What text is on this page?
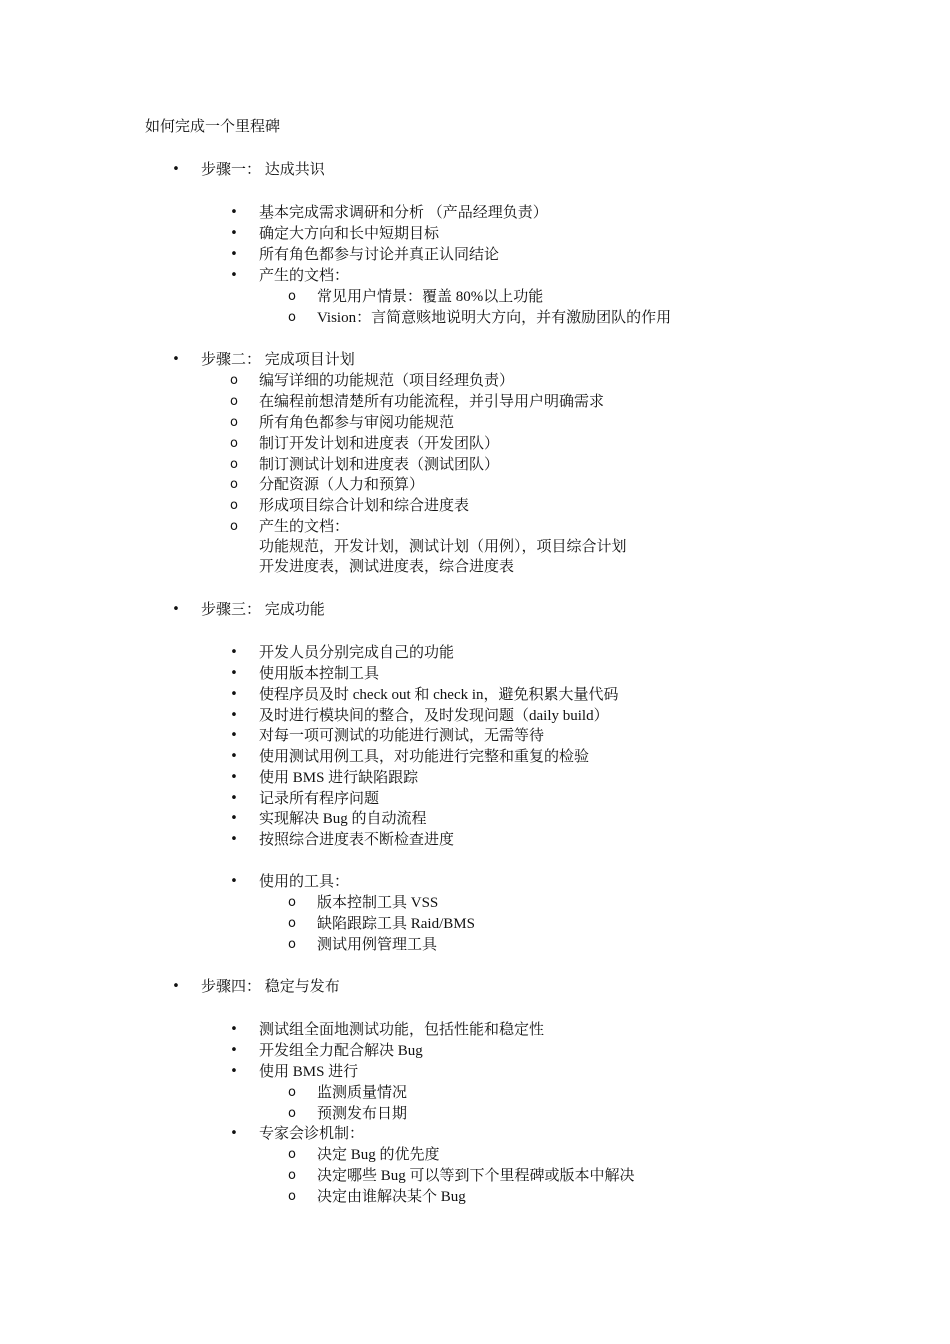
如何完成一个里程碑
• 步骤一： 达成共识
• 基本完成需求调研和分析 （产品经理负责）
• 确定大方向和长中短期目标
• 所有角色都参与讨论并真正认同结论
• 产生的文档：
o 常见用户情景：覆盖 80%以上功能
o Vision：言简意赅地说明大方向，并有激励团队的作用
• 步骤二： 完成项目计划
o 编写详细的功能规范（项目经理负责）
o 在编程前想清楚所有功能流程，并引导用户明确需求
o 所有角色都参与审阅功能规范
o 制订开发计划和进度表（开发团队）
o 制订测试计划和进度表（测试团队）
o 分配资源（人力和预算）
o 形成项目综合计划和综合进度表
o 产生的文档：
功能规范，开发计划，测试计划（用例），项目综合计划
开发进度表，测试进度表，综合进度表
• 步骤三： 完成功能
• 开发人员分别完成自己的功能
• 使用版本控制工具
• 使程序员及时 check out 和 check in，避免积累大量代码
• 及时进行模块间的整合，及时发现问题（daily build）
• 对每一项可测试的功能进行测试，无需等待
• 使用测试用例工具，对功能进行完整和重复的检验
• 使用 BMS 进行缺陷跟踪
• 记录所有程序问题
• 实现解决 Bug 的自动流程
• 按照综合进度表不断检查进度
• 使用的工具：
o 版本控制工具 VSS
o 缺陷跟踪工具 Raid/BMS
o 测试用例管理工具
• 步骤四： 稳定与发布
• 测试组全面地测试功能，包括性能和稳定性
• 开发组全力配合解决 Bug
• 使用 BMS 进行
o 监测质量情况
o 预测发布日期
• 专家会诊机制：
o 决定 Bug 的优先度
o 决定哪些 Bug 可以等到下个里程碑或版本中解决
o 决定由谁解决某个 Bug
